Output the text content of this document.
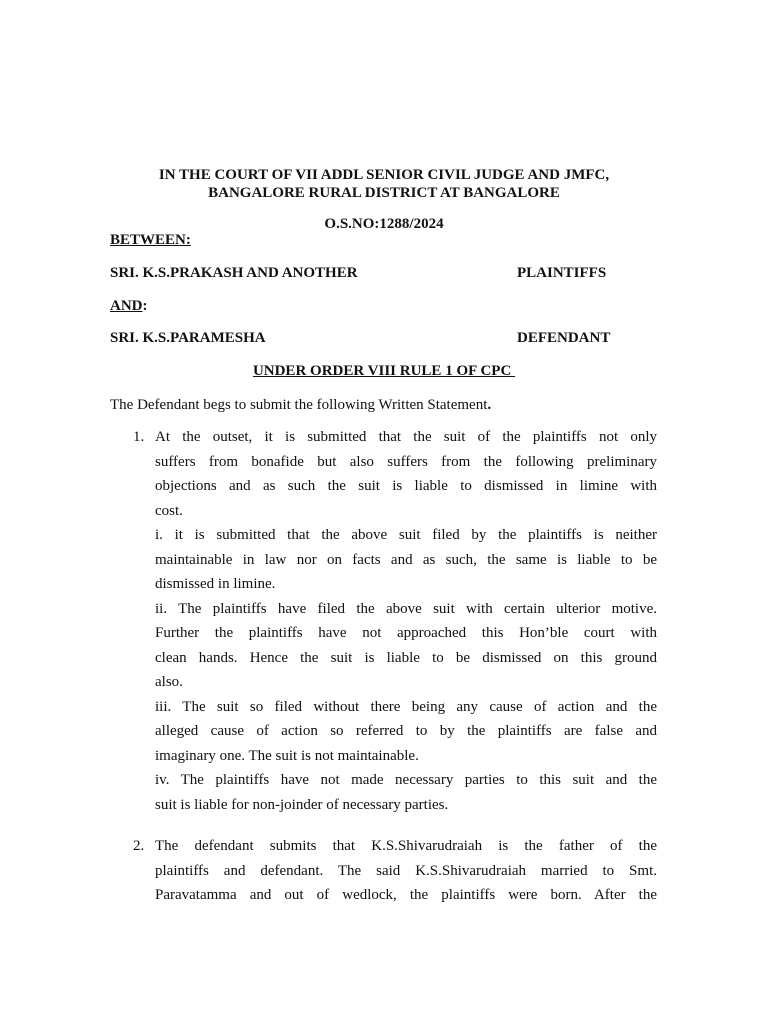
IN THE COURT OF VII ADDL SENIOR CIVIL JUDGE AND JMFC,
BANGALORE RURAL DISTRICT AT BANGALORE
O.S.NO:1288/2024
BETWEEN:
SRI. K.S.PRAKASH AND ANOTHER	PLAINTIFFS
AND:
SRI. K.S.PARAMESHA	DEFENDANT
UNDER ORDER VIII RULE 1 OF CPC
The Defendant begs to submit the following Written Statement.
1. At the outset, it is submitted that the suit of the plaintiffs not only

suffers from bonafide but also suffers from the following preliminary

objections and as such the suit is liable to dismissed in limine with

cost.

i. it is submitted that the above suit filed by the plaintiffs is neither

maintainable in law nor on facts and as such, the same is liable to be

dismissed in limine.

ii. The plaintiffs have filed the above suit with certain ulterior motive.

Further the plaintiffs have not approached this Hon’ble court with

clean hands. Hence the suit is liable to be dismissed on this ground

also.

iii. The suit so filed without there being any cause of action and the

alleged cause of action so referred to by the plaintiffs are false and

imaginary one. The suit is not maintainable.

iv. The plaintiffs have not made necessary parties to this suit and the

suit is liable for non-joinder of necessary parties.

2. The defendant submits that K.S.Shivarudraiah is the father of the

plaintiffs and defendant. The said K.S.Shivarudraiah married to Smt.

Paravatamma and out of wedlock, the plaintiffs were born. After the
